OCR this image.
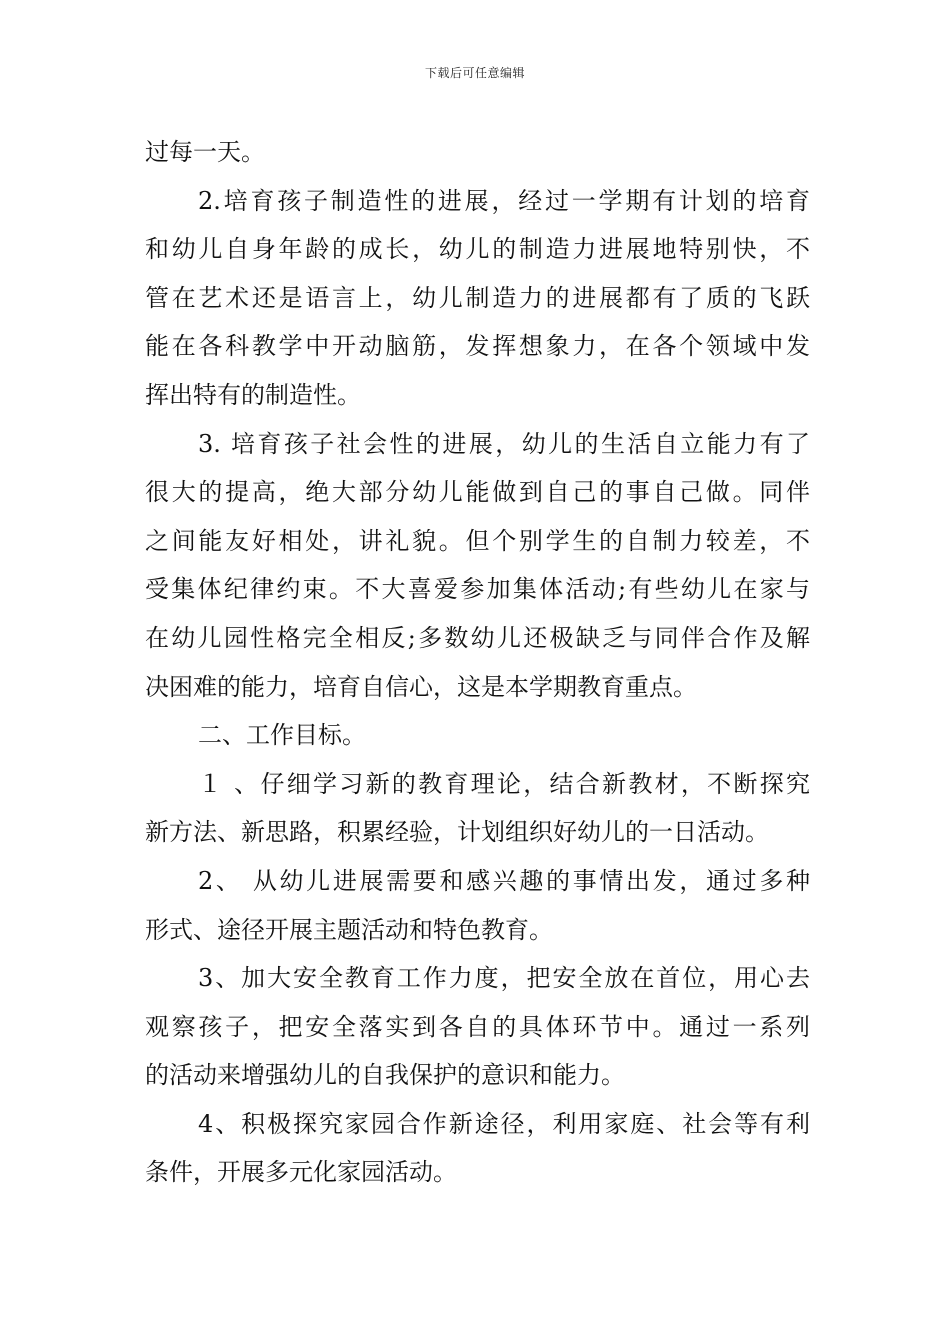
下载后可任意编辑
过每一天。
2.培育孩子制造性的进展，经过一学期有计划的培育
和幼儿自身年龄的成长，幼儿的制造力进展地特别快，不
管在艺术还是语言上，幼儿制造力的进展都有了质的飞跃
能在各科教学中开动脑筋，发挥想象力，在各个领域中发
挥出特有的制造性。
3. 培育孩子社会性的进展，幼儿的生活自立能力有了
很大的提高，绝大部分幼儿能做到自己的事自己做。同伴
之间能友好相处，讲礼貌。但个别学生的自制力较差，不
受集体纪律约束。不大喜爱参加集体活动;有些幼儿在家与
在幼儿园性格完全相反;多数幼儿还极缺乏与同伴合作及解
决困难的能力，培育自信心，这是本学期教育重点。
二、工作目标。
１ 、仔细学习新的教育理论，结合新教材，不断探究
新方法、新思路，积累经验，计划组织好幼儿的一日活动。
2、 从幼儿进展需要和感兴趣的事情出发，通过多种
形式、途径开展主题活动和特色教育。
3、加大安全教育工作力度，把安全放在首位，用心去
观察孩子，把安全落实到各自的具体环节中。通过一系列
的活动来增强幼儿的自我保护的意识和能力。
4、积极探究家园合作新途径，利用家庭、社会等有利
条件，开展多元化家园活动。
